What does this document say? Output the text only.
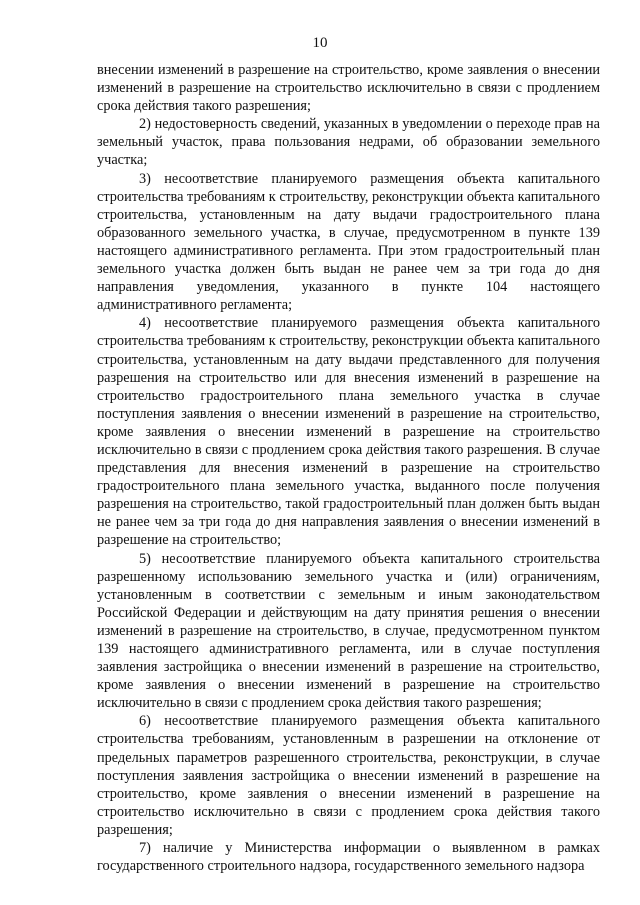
10

внесении изменений в разрешение на строительство, кроме заявления о внесении изменений в разрешение на строительство исключительно в связи с продлением срока действия такого разрешения;

2) недостоверность сведений, указанных в уведомлении о переходе прав на земельный участок, права пользования недрами, об образовании земельного участка;

3) несоответствие планируемого размещения объекта капитального строительства требованиям к строительству, реконструкции объекта капитального строительства, установленным на дату выдачи градостроительного плана образованного земельного участка, в случае, предусмотренном в пункте 139 настоящего административного регламента. При этом градостроительный план земельного участка должен быть выдан не ранее чем за три года до дня направления уведомления, указанного в пункте 104 настоящего административного регламента;

4) несоответствие планируемого размещения объекта капитального строительства требованиям к строительству, реконструкции объекта капитального строительства, установленным на дату выдачи представленного для получения разрешения на строительство или для внесения изменений в разрешение на строительство градостроительного плана земельного участка в случае поступления заявления о внесении изменений в разрешение на строительство, кроме заявления о внесении изменений в разрешение на строительство исключительно в связи с продлением срока действия такого разрешения. В случае представления для внесения изменений в разрешение на строительство градостроительного плана земельного участка, выданного после получения разрешения на строительство, такой градостроительный план должен быть выдан не ранее чем за три года до дня направления заявления о внесении изменений в разрешение на строительство;

5) несоответствие планируемого объекта капитального строительства разрешенному использованию земельного участка и (или) ограничениям, установленным в соответствии с земельным и иным законодательством Российской Федерации и действующим на дату принятия решения о внесении изменений в разрешение на строительство, в случае, предусмотренном пунктом 139 настоящего административного регламента, или в случае поступления заявления застройщика о внесении изменений в разрешение на строительство, кроме заявления о внесении изменений в разрешение на строительство исключительно в связи с продлением срока действия такого разрешения;

6) несоответствие планируемого размещения объекта капитального строительства требованиям, установленным в разрешении на отклонение от предельных параметров разрешенного строительства, реконструкции, в случае поступления заявления застройщика о внесении изменений в разрешение на строительство, кроме заявления о внесении изменений в разрешение на строительство исключительно в связи с продлением срока действия такого разрешения;

7) наличие у Министерства информации о выявленном в рамках государственного строительного надзора, государственного земельного надзора
